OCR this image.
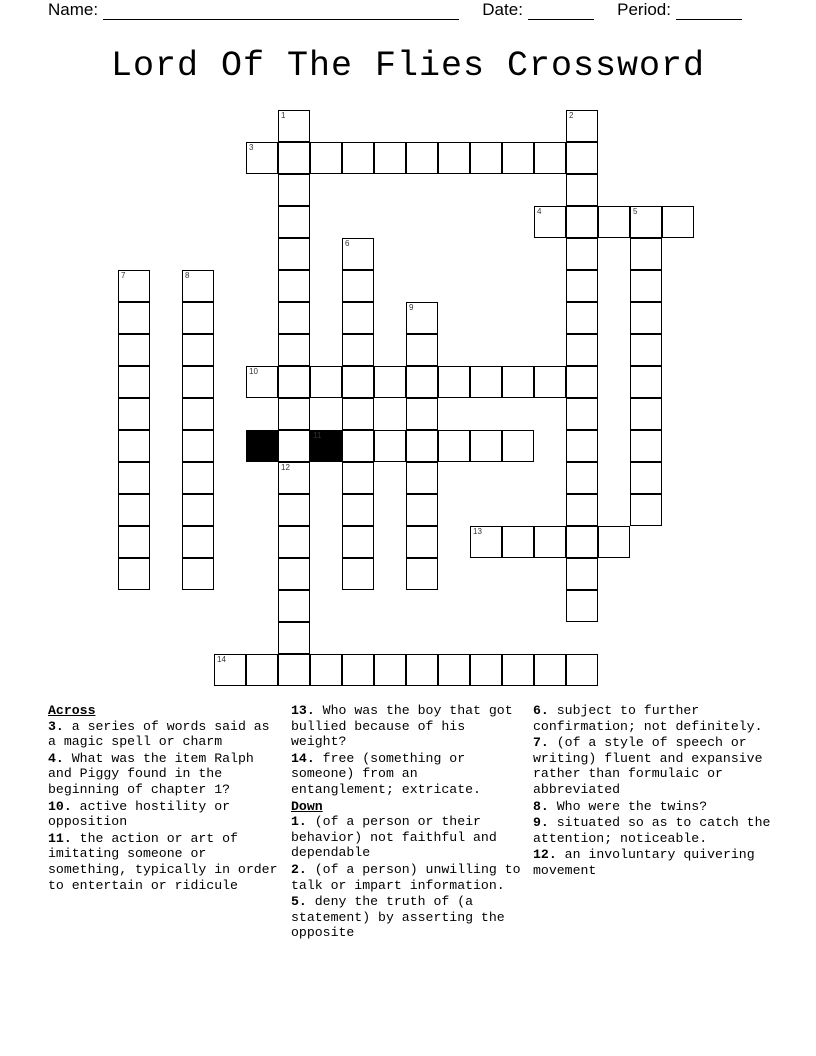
Name:	Date:	Period:
Lord Of The Flies Crossword
1	2
3
4	5
6
7	8
9
10
11
12
13
14
Across
3. a series of words said as a magic spell or charm
4. What was the item Ralph and Piggy found in the beginning of chapter 1?
10. active hostility or opposition
11. the action or art of imitating someone or something, typically in order to entertain or ridicule
13. Who was the boy that got bullied because of his weight?
14. free (something or someone) from an entanglement; extricate.
Down
1. (of a person or their behavior) not faithful and dependable
2. (of a person) unwilling to talk or impart information.
5. deny the truth of (a statement) by asserting the opposite
6. subject to further confirmation; not definitely.
7. (of a style of speech or writing) fluent and expansive rather than formulaic or abbreviated
8. Who were the twins?
9. situated so as to catch the attention; noticeable.
12. an involuntary quivering movement
